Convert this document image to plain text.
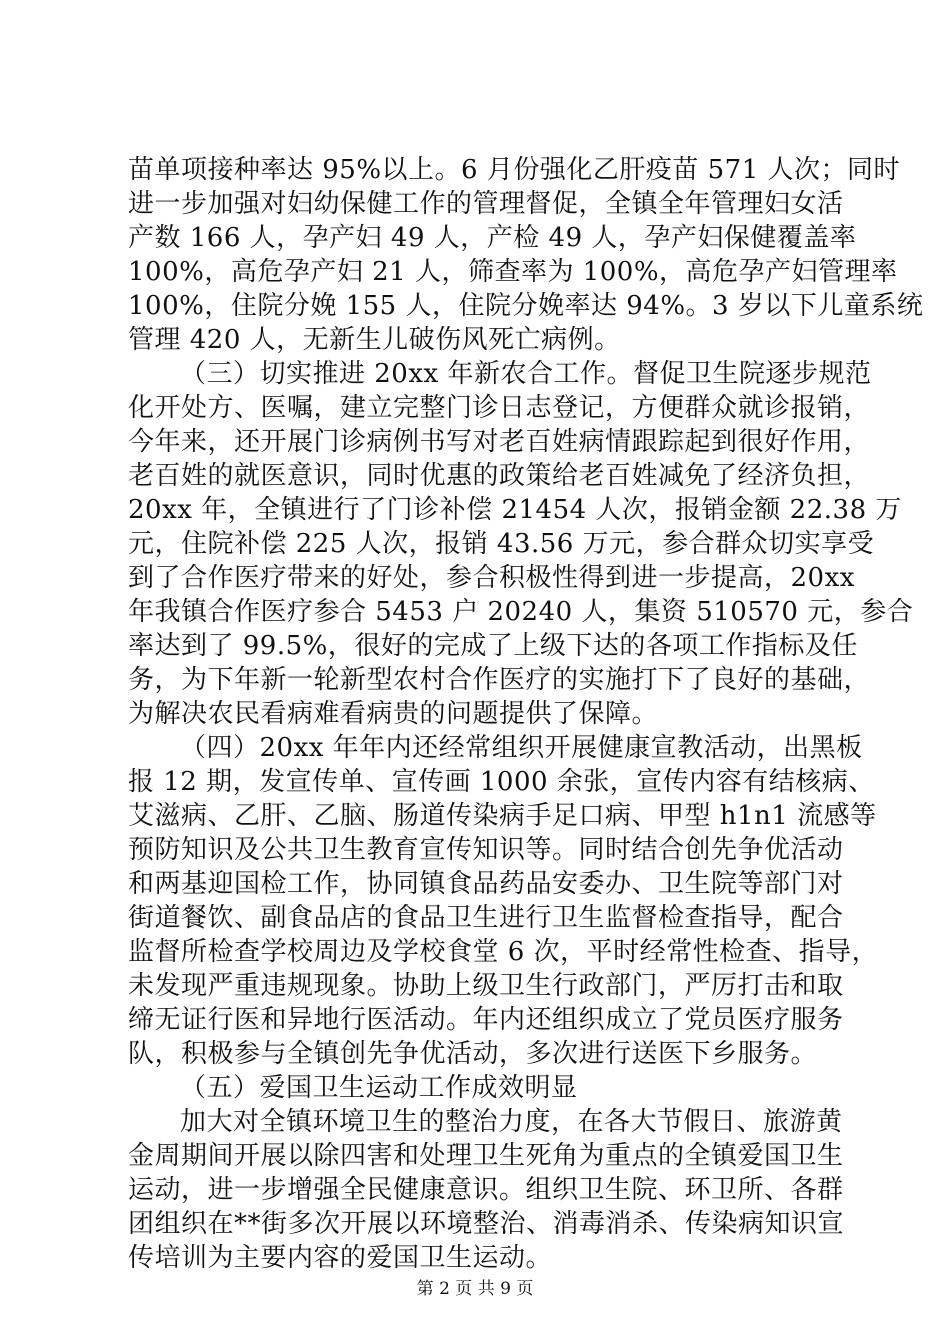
苗单项接种率达 95%以上。6 月份强化乙肝疫苗 571 人次；同时
进一步加强对妇幼保健工作的管理督促，全镇全年管理妇女活
产数 166 人，孕产妇 49 人，产检 49 人，孕产妇保健覆盖率
100%，高危孕产妇 21 人，筛查率为 100%，高危孕产妇管理率
100%，住院分娩 155 人，住院分娩率达 94%。3 岁以下儿童系统
管理 420 人，无新生儿破伤风死亡病例。
（三）切实推进 20xx 年新农合工作。督促卫生院逐步规范
化开处方、医嘱，建立完整门诊日志登记，方便群众就诊报销，
今年来，还开展门诊病例书写对老百姓病情跟踪起到很好作用，
老百姓的就医意识，同时优惠的政策给老百姓减免了经济负担，
20xx 年，全镇进行了门诊补偿 21454 人次，报销金额 22.38 万
元，住院补偿 225 人次，报销 43.56 万元，参合群众切实享受
到了合作医疗带来的好处，参合积极性得到进一步提高，20xx
年我镇合作医疗参合 5453 户 20240 人，集资 510570 元，参合
率达到了 99.5%，很好的完成了上级下达的各项工作指标及任
务，为下年新一轮新型农村合作医疗的实施打下了良好的基础，
为解决农民看病难看病贵的问题提供了保障。
（四）20xx 年年内还经常组织开展健康宣教活动，出黑板
报 12 期，发宣传单、宣传画 1000 余张，宣传内容有结核病、
艾滋病、乙肝、乙脑、肠道传染病手足口病、甲型 h1n1 流感等
预防知识及公共卫生教育宣传知识等。同时结合创先争优活动
和两基迎国检工作，协同镇食品药品安委办、卫生院等部门对
街道餐饮、副食品店的食品卫生进行卫生监督检查指导，配合
监督所检查学校周边及学校食堂 6 次，平时经常性检查、指导，
未发现严重违规现象。协助上级卫生行政部门，严厉打击和取
缔无证行医和异地行医活动。年内还组织成立了党员医疗服务
队，积极参与全镇创先争优活动，多次进行送医下乡服务。
（五）爱国卫生运动工作成效明显
加大对全镇环境卫生的整治力度，在各大节假日、旅游黄
金周期间开展以除四害和处理卫生死角为重点的全镇爱国卫生
运动，进一步增强全民健康意识。组织卫生院、环卫所、各群
团组织在**街多次开展以环境整治、消毒消杀、传染病知识宣
传培训为主要内容的爱国卫生运动。
第 2 页 共 9 页
